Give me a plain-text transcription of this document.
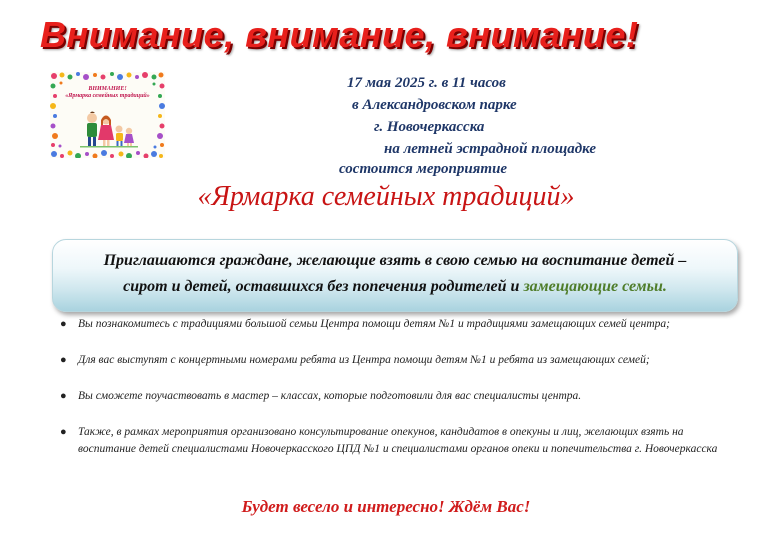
Внимание, внимание, внимание!
ВНИМАНИЕ!
«Ярмарка семейных традиций»
17 мая 2025 г. в 11 часов
в Александровском парке
г. Новочеркасска
на летней эстрадной площадке
состоится мероприятие
«Ярмарка семейных традиций»
Приглашаются граждане, желающие взять в свою семью на воспитание детей –
сирот и детей, оставшихся без попечения родителей и замещающие семьи.
● Вы познакомитесь с традициями большой семьи Центра помощи детям №1 и традициями замещающих семей центра;
● Для вас выступят с концертными номерами ребята из Центра помощи детям №1 и ребята из замещающих семей;
● Вы сможете поучаствовать в мастер – классах, которые подготовили для вас специалисты центра.
● Также, в рамках мероприятия организовано консультирование опекунов, кандидатов в опекуны и лиц, желающих взять на воспитание детей специалистами Новочеркасского ЦПД №1 и специалистами органов опеки и попечительства г. Новочеркасска
Будет весело и интересно! Ждём Вас!
